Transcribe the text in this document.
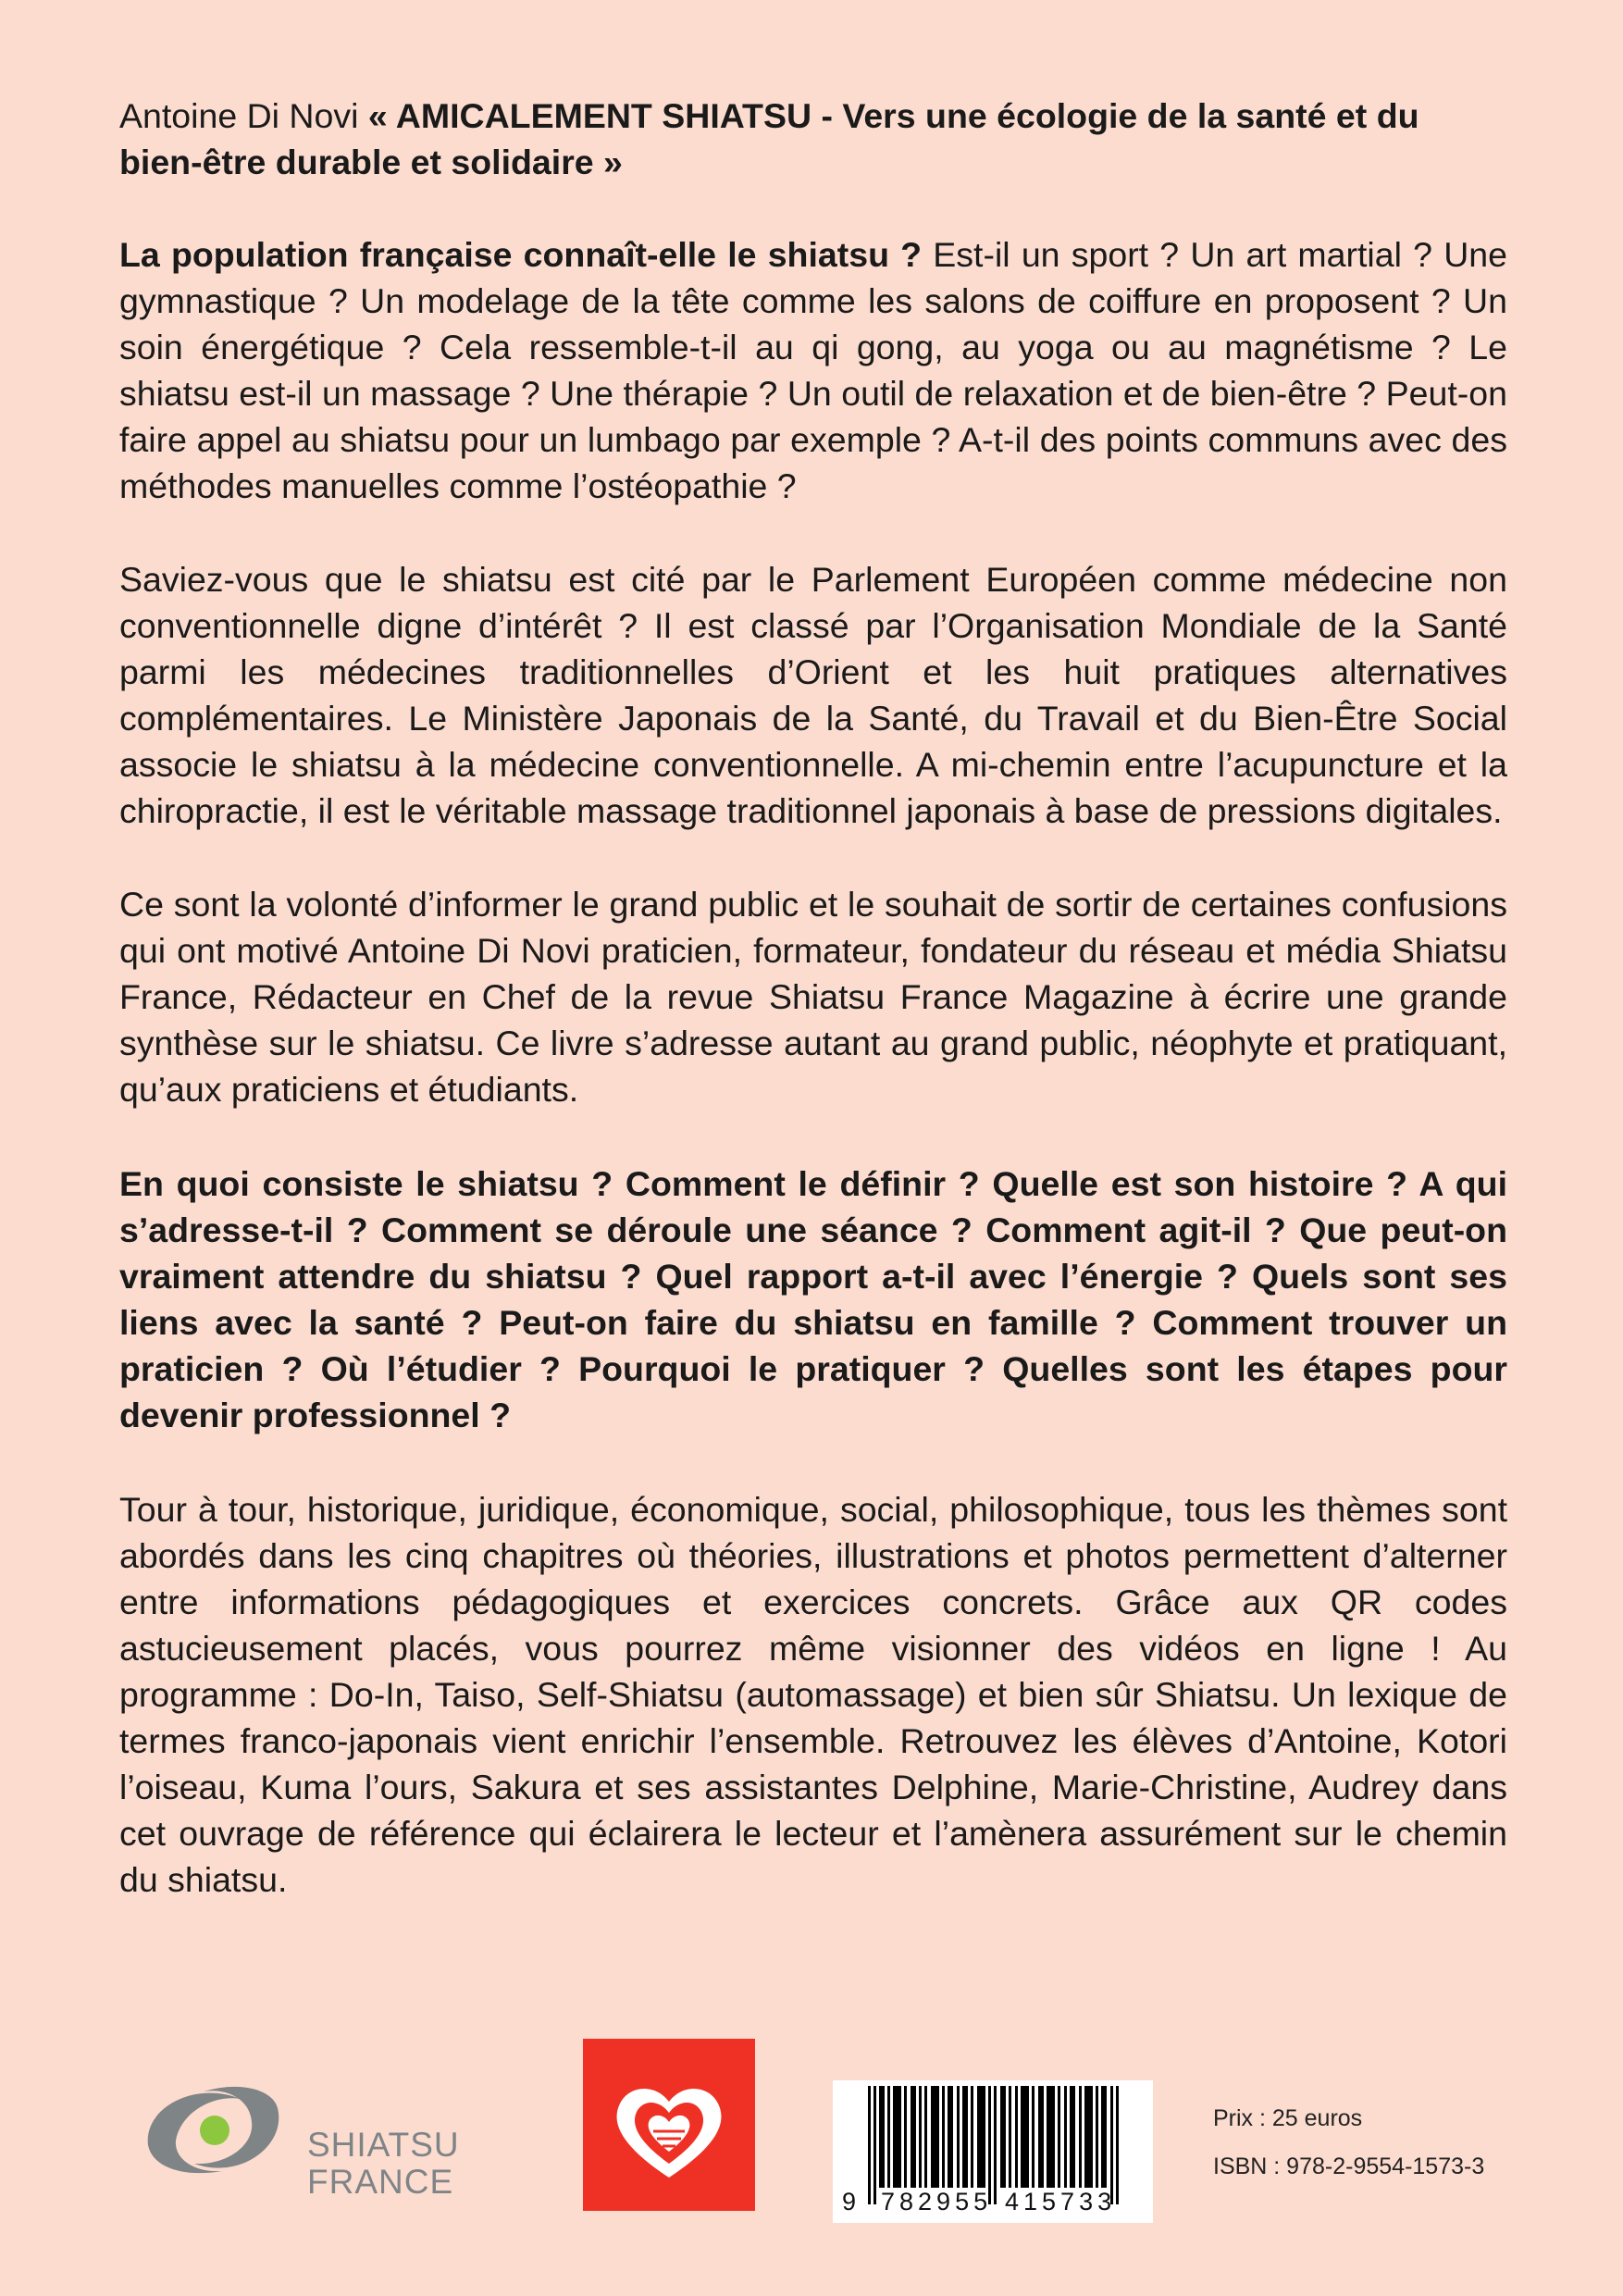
Antoine Di Novi « AMICALEMENT SHIATSU - Vers une écologie de la santé et du bien-être durable et solidaire »

La population française connaît-elle le shiatsu ? Est-il un sport ? Un art martial ? Une gymnastique ? Un modelage de la tête comme les salons de coiffure en proposent ? Un soin énergétique ? Cela ressemble-t-il au qi gong, au yoga ou au magnétisme ? Le shiatsu est-il un massage ? Une thérapie ? Un outil de relaxation et de bien-être ? Peut-on faire appel au shiatsu pour un lumbago par exemple ? A-t-il des points communs avec des méthodes manuelles comme l’ostéopathie ?

Saviez-vous que le shiatsu est cité par le Parlement Européen comme médecine non conventionnelle digne d’intérêt ? Il est classé par l’Organisation Mondiale de la Santé parmi les médecines traditionnelles d’Orient et les huit pratiques alternatives complémentaires. Le Ministère Japonais de la Santé, du Travail et du Bien-Être Social associe le shiatsu à la médecine conventionnelle. A mi-chemin entre l’acupuncture et la chiropractie, il est le véritable massage traditionnel japonais à base de pressions digitales.

Ce sont la volonté d’informer le grand public et le souhait de sortir de certaines confusions qui ont motivé Antoine Di Novi praticien, formateur, fondateur du réseau et média Shiatsu France, Rédacteur en Chef de la revue Shiatsu France Magazine à écrire une grande synthèse sur le shiatsu. Ce livre s’adresse autant au grand public, néophyte et pratiquant, qu’aux praticiens et étudiants.

En quoi consiste le shiatsu ? Comment le définir ? Quelle est son histoire ? A qui s’adresse-t-il ? Comment se déroule une séance ? Comment agit-il ? Que peut-on vraiment attendre du shiatsu ? Quel rapport a-t-il avec l’énergie ? Quels sont ses liens avec la santé ? Peut-on faire du shiatsu en famille ? Comment trouver un praticien ? Où l’étudier ? Pourquoi le pratiquer ? Quelles sont les étapes pour devenir professionnel ?

Tour à tour, historique, juridique, économique, social, philosophique, tous les thèmes sont abordés dans les cinq chapitres où théories, illustrations et photos permettent d’alterner entre informations pédagogiques et exercices concrets. Grâce aux QR codes astucieusement placés, vous pourrez même visionner des vidéos en ligne ! Au programme : Do-In, Taiso, Self-Shiatsu (automassage) et bien sûr Shiatsu. Un lexique de termes franco-japonais vient enrichir l’ensemble. Retrouvez les élèves d’Antoine, Kotori l’oiseau, Kuma l’ours, Sakura et ses assistantes Delphine, Marie-Christine, Audrey dans cet ouvrage de référence qui éclairera le lecteur et l’amènera assurément sur le chemin du shiatsu.

SHIATSU
FRANCE
9 782955 415733
Prix : 25 euros
ISBN : 978-2-9554-1573-3
